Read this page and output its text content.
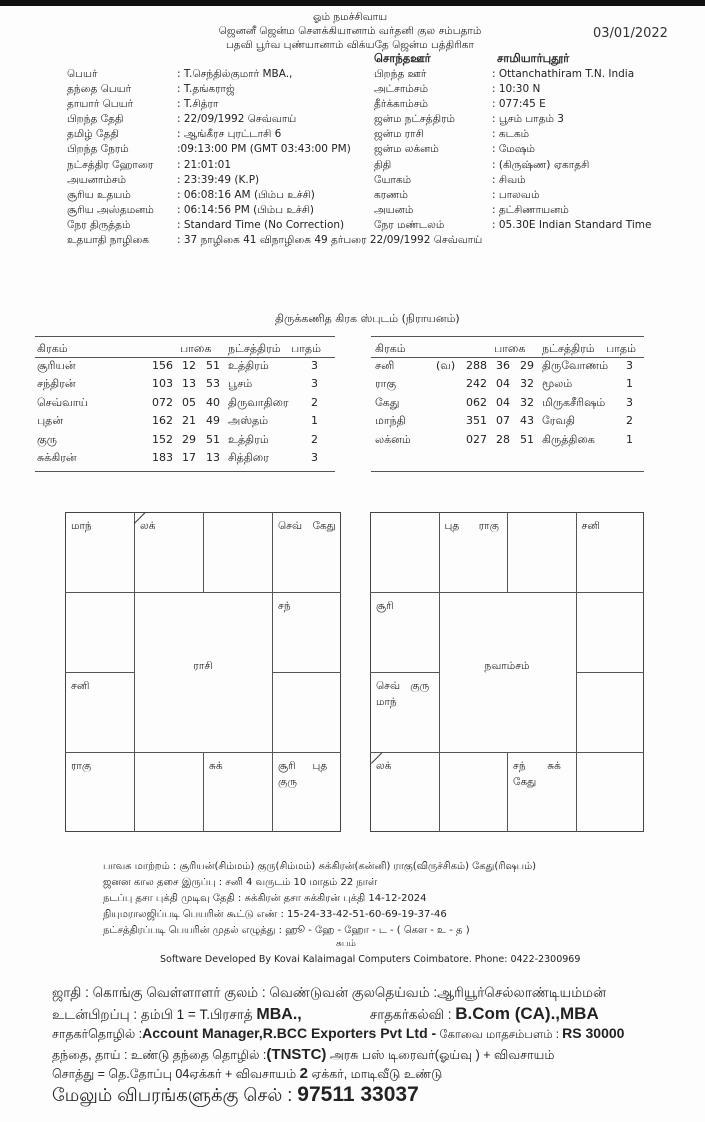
ஓம் நமச்சிவாய
ஜெனனீ ஜென்ம சௌக்கியானாம் வர்தனி குல சம்பதாம்
பதவி பூர்வ புண்யானாம் விக்யதே ஜென்ம பத்திரிகா
03/01/2022
சொந்தஊர்	சாமியார்புதூர்
பெயர்	: T.செந்தில்குமார் MBA.,
தந்தை பெயர்	: T.தங்கராஜ்
தாயார் பெயர்	: T.சித்ரா
பிறந்த தேதி	: 22/09/1992 செவ்வாய்
தமிழ் தேதி	: ஆங்கீரச புரட்டாசி 6
பிறந்த நேரம்	:09:13:00 PM (GMT 03:43:00 PM)
நட்சத்திர ஹோரை	: 21:01:01
அயனாம்சம்	: 23:39:49 (K.P)
சூரிய உதயம்	: 06:08:16 AM (பிம்ப உச்சி)
சூரிய அஸ்தமனம்	: 06:14:56 PM (பிம்ப உச்சி)
நேர திருத்தம்	: Standard Time (No Correction)
உதயாதி நாழிகை	: 37 நாழிகை 41 விநாழிகை 49 தர்பரை 22/09/1992 செவ்வாய்
பிறந்த ஊர்	: Ottanchathiram T.N. India
அட்சாம்சம்	: 10:30 N
தீர்க்காம்சம்	: 077:45 E
ஜன்ம நட்சத்திரம்	: பூசம் பாதம் 3
ஜன்ம ராசி	: கடகம்
ஜன்ம லக்னம்	: மேஷம்
திதி	: (கிருஷ்ண) ஏகாதசி
யோகம்	: சிவம்
கரணம்	: பாலவம்
அயனம்	: தட்சிணாயனம்
நேர மண்டலம்	: 05.30E Indian Standard Time
திருக்கணித கிரக ஸ்புடம் (நிராயனம்)
கிரகம்	பாகை நட்சத்திரம் பாதம்
சூரியன்	156 12 51 உத்திரம்	3
சந்திரன்	103 13 53 பூசம்	3
செவ்வாய்	072 05 40 திருவாதிரை 2
புதன்	162 21 49 அஸ்தம்	1
குரு	152 29 51 உத்திரம்	2
சுக்கிரன்	183 17 13 சித்திரை	3
கிரகம்	பாகை நட்சத்திரம் பாதம்
சனி	(வ) 288 36 29 திருவோணம் 3
ராகு	242 04 32 மூலம்	1
கேது	062 04 32 மிருகசீரிஷம் 3
மாந்தி	351 07 43 ரேவதி	2
லக்னம்	027 28 51 கிருத்திகை	1
ராசி
மாந்	லக்	செவ் கேது
சந்
சனி
ராகு	சுக்	சூரி புத
குரு
நவாம்சம்
புத ராகு	சனி
சூரி
செவ் குரு
மாந்
லக்	சந் சுக்
கேது
பாவக மாற்றம் : சூரியன்(சிம்மம்) குரு(சிம்மம்) சுக்கிரன்(கன்னி) ராகு(விருச்சிகம்) கேது(ரிஷபம்)
ஜனன கால தசை இருப்பு : சனி 4 வருடம் 10 மாதம் 22 நாள்
நடப்பு தசா புக்தி முடிவு தேதி : சுக்கிரன் தசா சுக்கிரன் புக்தி 14-12-2024
நியுமராலஜிப்படி பெயரின் கூட்டு எண் : 15-24-33-42-51-60-69-19-37-46
நட்சத்திரப்படி பெயரின் முதல் எழுத்து : ஹூ - ஹே - ஹோ - ட - ( கௌ - உ - த )
சுபம்
Software Developed By Kovai Kalaimagal Computers Coimbatore. Phone: 0422-2300969
ஜாதி : கொங்கு வெள்ளாளர் குலம் : வெண்டுவன் குலதெய்வம் :ஆரியூர்செல்லாண்டியம்மன்
உடன்பிறப்பு : தம்பி 1 = T.பிரசாத் MBA.,	சாதகர்கல்வி : B.Com (CA).,MBA
சாதகர்தொழில் :Account Manager,R.BCC Exporters Pvt Ltd - கோவை மாதசம்பளம் : RS 30000
தந்தை, தாய் : உண்டு தந்தை தொழில் :(TNSTC) அரசு பஸ் டிரைவர்(ஓய்வு ) + விவசாயம்
சொத்து = தெ.தோப்பு 04ஏக்கர் + விவசாயம் 2 ஏக்கர், மாடிவீடு உண்டு
மேலும் விபரங்களுக்கு செல் : 97511 33037
